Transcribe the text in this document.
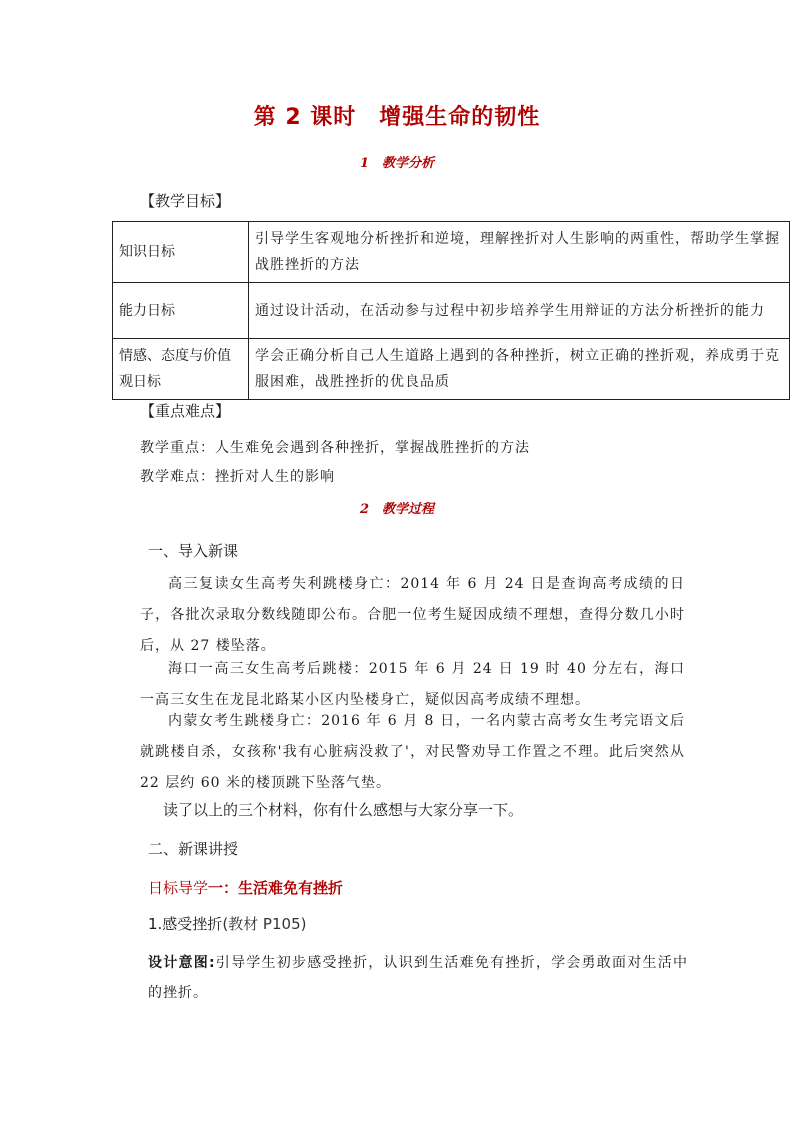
第 2 课时　增强生命的韧性
1　教学分析
【教学目标】
知识日标	引导学生客观地分析挫折和逆境，理解挫折对人生影响的两重性，帮助学生掌握战胜挫折的方法
能力日标	通过设计活动，在活动参与过程中初步培养学生用辩证的方法分析挫折的能力
情感、态度与价值观日标	学会正确分析自己人生道路上遇到的各种挫折，树立正确的挫折观，养成勇于克服困难，战胜挫折的优良品质
【重点难点】
教学重点：人生难免会遇到各种挫折，掌握战胜挫折的方法
教学难点：挫折对人生的影响
2　教学过程
一、导入新课
高三复读女生高考失利跳楼身亡：2014 年 6 月 24 日是查询高考成绩的日子，各批次录取分数线随即公布。合肥一位考生疑因成绩不理想，查得分数几小时后，从 27 楼坠落。
海口一高三女生高考后跳楼：2015 年 6 月 24 日 19 时 40 分左右，海口一高三女生在龙昆北路某小区内坠楼身亡，疑似因高考成绩不理想。
内蒙女考生跳楼身亡：2016 年 6 月 8 日，一名内蒙古高考女生考完语文后就跳楼自杀，女孩称'我有心脏病没救了'，对民警劝导工作置之不理。此后突然从 22 层约 60 米的楼顶跳下坠落气垫。
读了以上的三个材料，你有什么感想与大家分享一下。
二、新课讲授
日标导学一：生活难免有挫折
1.感受挫折(教材 P105)
设计意图:引导学生初步感受挫折，认识到生活难免有挫折，学会勇敢面对生活中的挫折。
